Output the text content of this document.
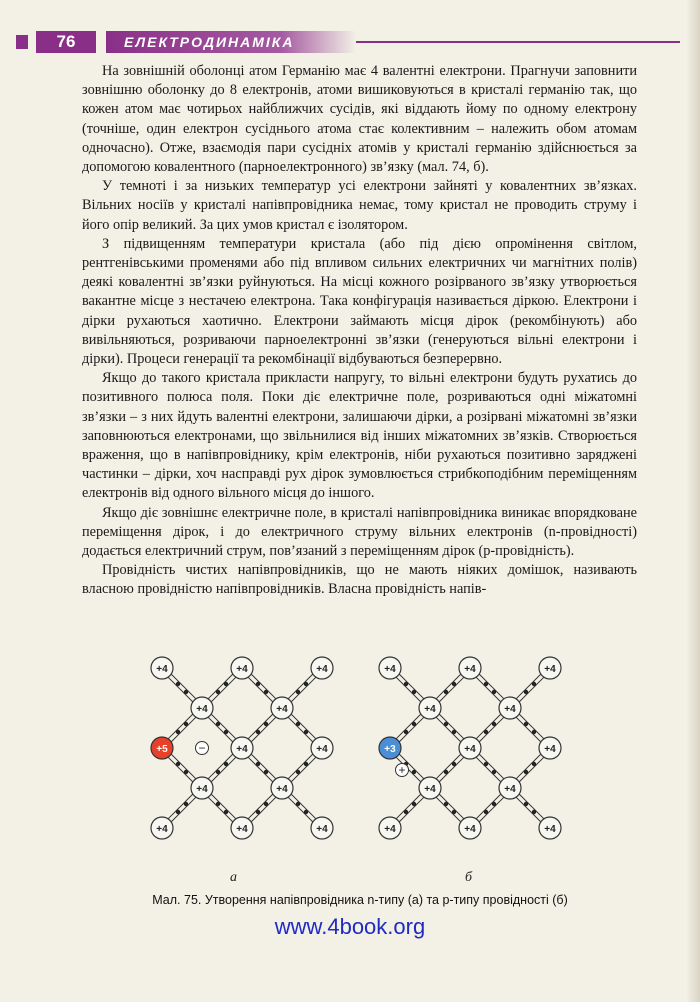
76	ЕЛЕКТРОДИНАМІКА

На зовнішній оболонці атом Германію має 4 валентні електрони. Прагнучи заповнити зовнішню оболонку до 8 електронів, атоми вишиковуються в кристалі германію так, що кожен атом має чотирьох найближчих сусідів, які віддають йому по одному електрону (точніше, один електрон сусіднього атома стає колективним – належить обом атомам одночасно). Отже, взаємодія пари сусідніх атомів у кристалі германію здійснюється за допомогою ковалентного (парноелектронного) зв’язку (мал. 74, б).

У темноті і за низьких температур усі електрони зайняті у ковалентних зв’язках. Вільних носіїв у кристалі напівпровідника немає, тому кристал не проводить струму і його опір великий. За цих умов кристал є ізолятором.

З підвищенням температури кристала (або під дією опромінення світлом, рентгенівськими променями або під впливом сильних електричних чи магнітних полів) деякі ковалентні зв’язки руйнуються. На місці кожного розірваного зв’язку утворюється вакантне місце з нестачею електрона. Така конфігурація називається діркою. Електрони і дірки рухаються хаотично. Електрони займають місця дірок (рекомбінують) або вивільняються, розриваючи парноелектронні зв’язки (генеруються вільні електрони і дірки). Процеси генерації та рекомбінації відбуваються безперервно.

Якщо до такого кристала прикласти напругу, то вільні електрони будуть рухатись до позитивного полюса поля. Поки діє електричне поле, розриваються одні міжатомні зв’язки – з них йдуть валентні електрони, залишаючи дірки, а розірвані міжатомні зв’язки заповнюються електронами, що звільнилися від інших міжатомних зв’язків. Створюється враження, що в напівпровіднику, крім електронів, ніби рухаються позитивно заряджені частинки – дірки, хоч насправді рух дірок зумовлюється стрибкоподібним переміщенням електронів від одного вільного місця до іншого.

Якщо діє зовнішнє електричне поле, в кристалі напівпровідника виникає впорядковане переміщення дірок, і до електричного струму вільних електронів (n-провідності) додається електричний струм, пов’язаний з переміщенням дірок (p-провідність).

Провідність чистих напівпровідників, що не мають ніяких домішок, називають власною провідністю напівпровідників. Власна провідність напів-

+4	+4	+4
+4	+4
+5	+4	+4
+4	+4
+4	+4	+4
−
+4	+4	+4
+4	+4
+3	+4	+4
+4	+4
+4	+4	+4
+
а	б
Мал. 75. Утворення напівпровідника n-типу (а) та p-типу провідності (б)
www.4book.org
